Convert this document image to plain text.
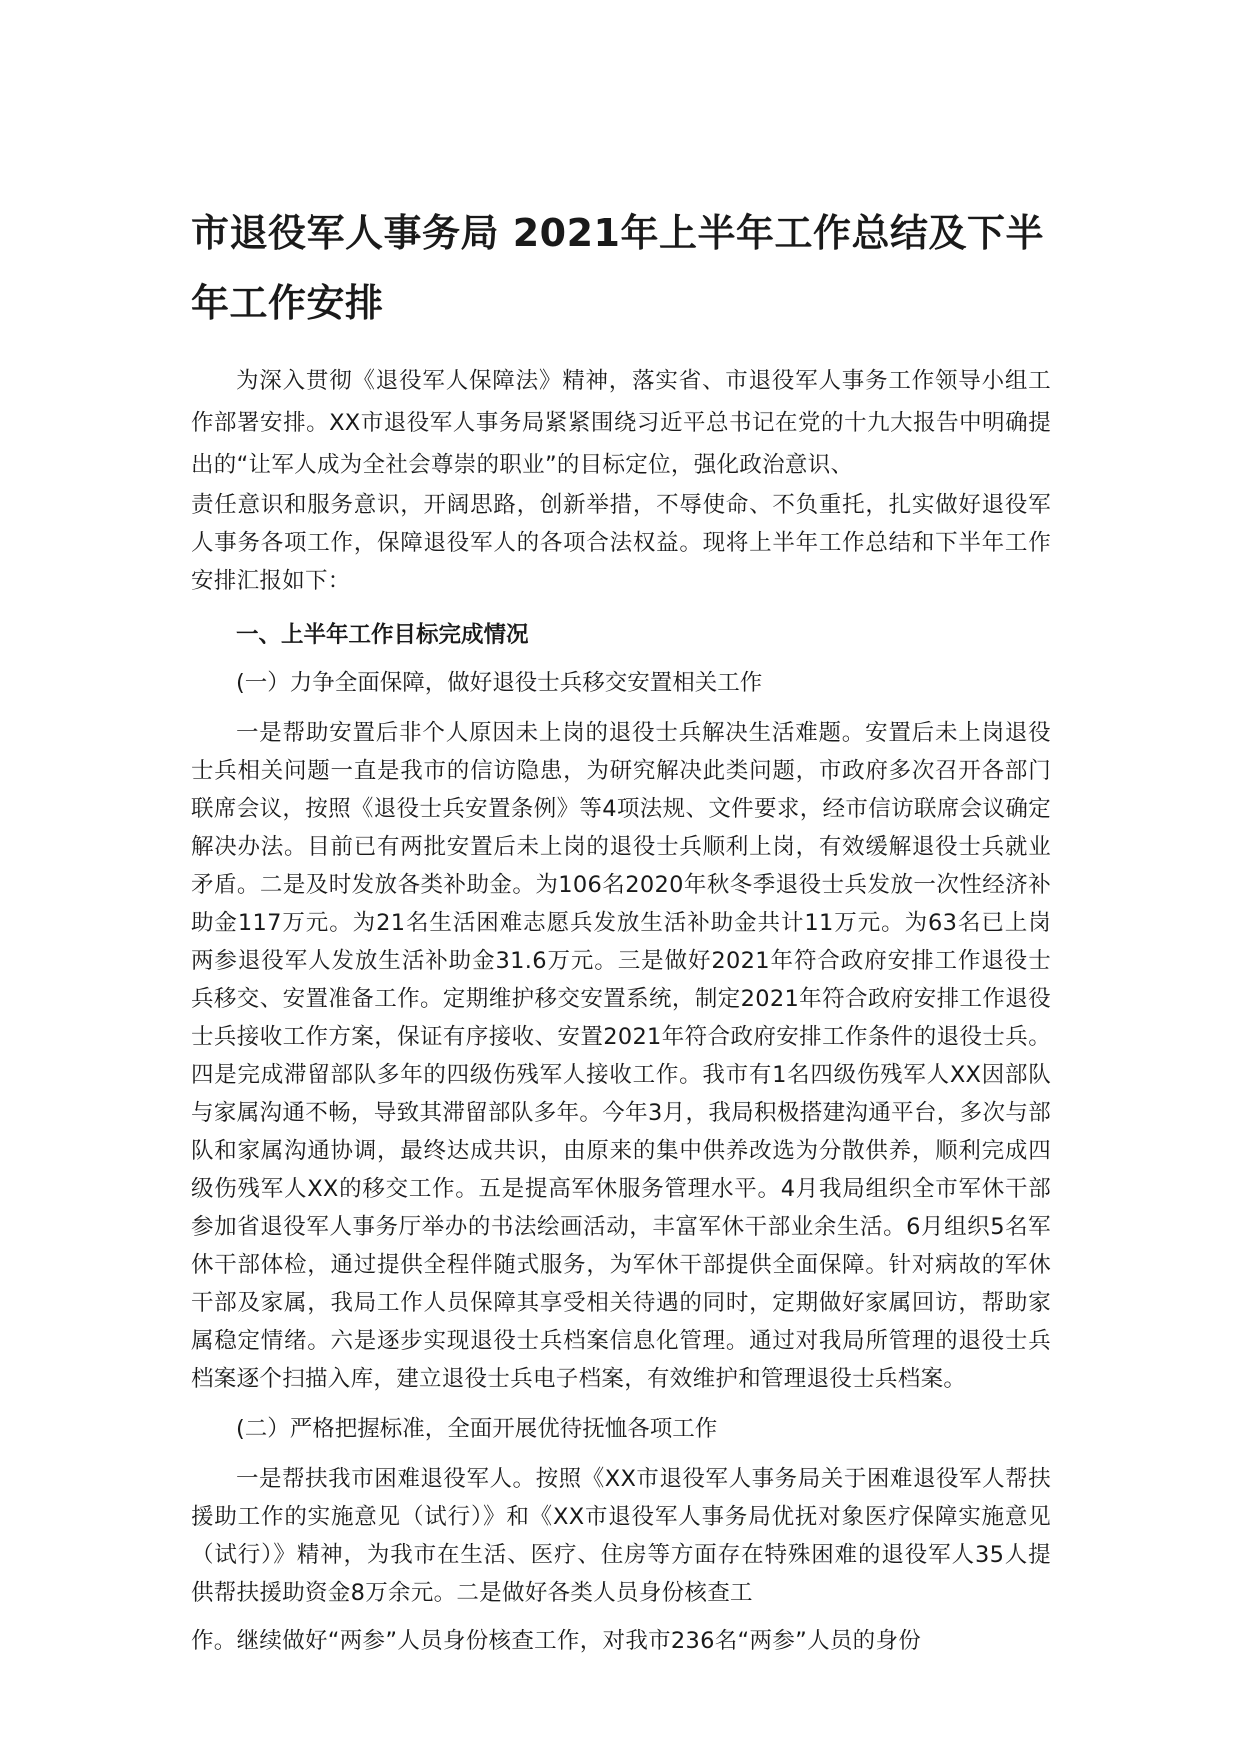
市退役军人事务局 2021年上半年工作总结及下半年工作安排

为深入贯彻《退役军人保障法》精神，落实省、市退役军人事务工作领导小组工作部署安排。XX市退役军人事务局紧紧围绕习近平总书记在党的十九大报告中明确提出的“让军人成为全社会尊崇的职业”的目标定位，强化政治意识、

责任意识和服务意识，开阔思路，创新举措，不辱使命、不负重托，扎实做好退役军人事务各项工作，保障退役军人的各项合法权益。现将上半年工作总结和下半年工作安排汇报如下：

一、上半年工作目标完成情况

(一）力争全面保障，做好退役士兵移交安置相关工作

一是帮助安置后非个人原因未上岗的退役士兵解决生活难题。安置后未上岗退役士兵相关问题一直是我市的信访隐患，为研究解决此类问题，市政府多次召开各部门联席会议，按照《退役士兵安置条例》等4项法规、文件要求，经市信访联席会议确定解决办法。目前已有两批安置后未上岗的退役士兵顺利上岗，有效缓解退役士兵就业矛盾。二是及时发放各类补助金。为106名2020年秋冬季退役士兵发放一次性经济补助金117万元。为21名生活困难志愿兵发放生活补助金共计11万元。为63名已上岗两参退役军人发放生活补助金31.6万元。三是做好2021年符合政府安排工作退役士兵移交、安置准备工作。定期维护移交安置系统，制定2021年符合政府安排工作退役士兵接收工作方案，保证有序接收、安置2021年符合政府安排工作条件的退役士兵。四是完成滞留部队多年的四级伤残军人接收工作。我市有1名四级伤残军人XX因部队与家属沟通不畅，导致其滞留部队多年。今年3月，我局积极搭建沟通平台，多次与部队和家属沟通协调，最终达成共识，由原来的集中供养改选为分散供养，顺利完成四级伤残军人XX的移交工作。五是提高军休服务管理水平。4月我局组织全市军休干部参加省退役军人事务厅举办的书法绘画活动，丰富军休干部业余生活。6月组织5名军休干部体检，通过提供全程伴随式服务，为军休干部提供全面保障。针对病故的军休干部及家属，我局工作人员保障其享受相关待遇的同时，定期做好家属回访，帮助家属稳定情绪。六是逐步实现退役士兵档案信息化管理。通过对我局所管理的退役士兵档案逐个扫描入库，建立退役士兵电子档案，有效维护和管理退役士兵档案。

(二）严格把握标准，全面开展优待抚恤各项工作

一是帮扶我市困难退役军人。按照《XX市退役军人事务局关于困难退役军人帮扶援助工作的实施意见（试行）》和《XX市退役军人事务局优抚对象医疗保障实施意见（试行）》精神，为我市在生活、医疗、住房等方面存在特殊困难的退役军人35人提供帮扶援助资金8万余元。二是做好各类人员身份核查工

作。继续做好“两参”人员身份核查工作，对我市236名“两参”人员的身份
